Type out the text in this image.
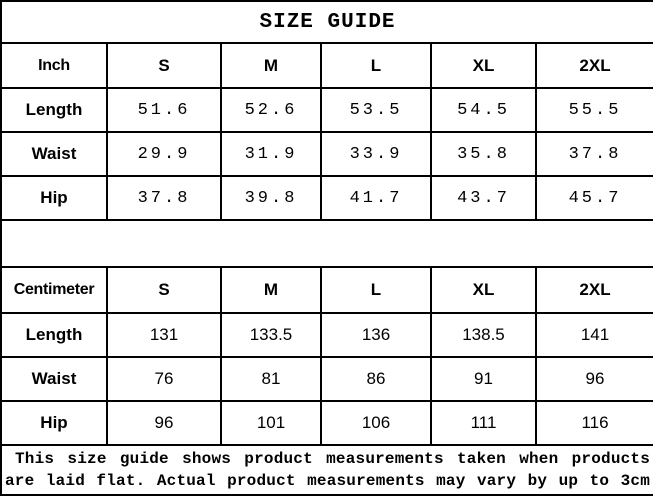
SIZE GUIDE					
Inch	S	M	L	XL	2XL
Length	51.6	52.6	53.5	54.5	55.5
Waist	29.9	31.9	33.9	35.8	37.8
Hip	37.8	39.8	41.7	43.7	45.7

Centimeter	S	M	L	XL	2XL
Length	131	133.5	136	138.5	141
Waist	76	81	86	91	96
Hip	96	101	106	111	116

This size guide shows product measurements taken when products
are laid flat. Actual product measurements may vary by up to 3cm					
